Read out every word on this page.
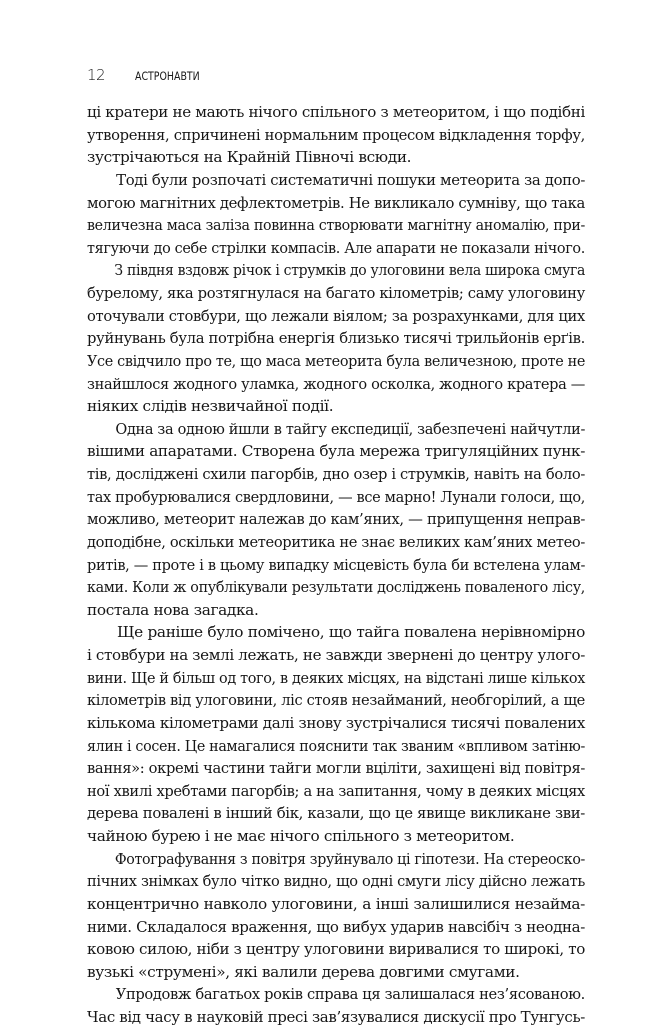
12	АСТРОНАВТИ
ці кратери не мають нічого спільного з метеоритом, і що подібні
утворення, спричинені нормальним процесом відкладення торфу,
зустрічаються на Крайній Півночі всюди.
Тоді були розпочаті систематичні пошуки метеорита за допо-
могою магнітних дефлектометрів. Не викликало сумніву, що така
величезна маса заліза повинна створювати магнітну аномалію, при-
тягуючи до себе стрілки компасів. Але апарати не показали нічого.
З півдня вздовж річок і струмків до улоговини вела широка смуга
бурелому, яка розтягнулася на багато кілометрів; саму улоговину
оточували стовбури, що лежали віялом; за розрахунками, для цих
руйнувань була потрібна енергія близько тисячі трильйонів ерґів.
Усе свідчило про те, що маса метеорита була величезною, проте не
знайшлося жодного уламка, жодного осколка, жодного кратера —
ніяких слідів незвичайної події.
Одна за одною йшли в тайгу експедиції, забезпечені найчутли-
вішими апаратами. Створена була мережа тригуляційних пунк-
тів, досліджені схили пагорбів, дно озер і струмків, навіть на боло-
тах пробурювалися свердловини, — все марно! Лунали голоси, що,
можливо, метеорит належав до кам’яних, — припущення неправ-
доподібне, оскільки метеоритика не знає великих кам’яних метео-
ритів, — проте і в цьому випадку місцевість була би встелена улам-
ками. Коли ж опублікували результати досліджень поваленого лісу,
постала нова загадка.
Ще раніше було помічено, що тайга повалена нерівномірно
і стовбури на землі лежать, не завжди звернені до центру улого-
вини. Ще й більш од того, в деяких місцях, на відстані лише кількох
кілометрів від улоговини, ліс стояв незайманий, необгорілий, а ще
кількома кілометрами далі знову зустрічалися тисячі повалених
ялин і сосен. Це намагалися пояснити так званим «впливом затіню-
вання»: окремі частини тайги могли вціліти, захищені від повітря-
ної хвилі хребтами пагорбів; а на запитання, чому в деяких місцях
дерева повалені в інший бік, казали, що це явище викликане зви-
чайною бурею і не має нічого спільного з метеоритом.
Фотографування з повітря зруйнувало ці гіпотези. На стереоско-
пічних знімках було чітко видно, що одні смуги лісу дійсно лежать
концентрично навколо улоговини, а інші залишилися незайма-
ними. Складалося враження, що вибух ударив навсібіч з неодна-
ковою силою, ніби з центру улоговини виривалися то широкі, то
вузькі «струмені», які валили дерева довгими смугами.
Упродовж багатьох років справа ця залишалася нез’ясованою.
Час від часу в науковій пресі зав’язувалися дискусії про Тунгусь-
